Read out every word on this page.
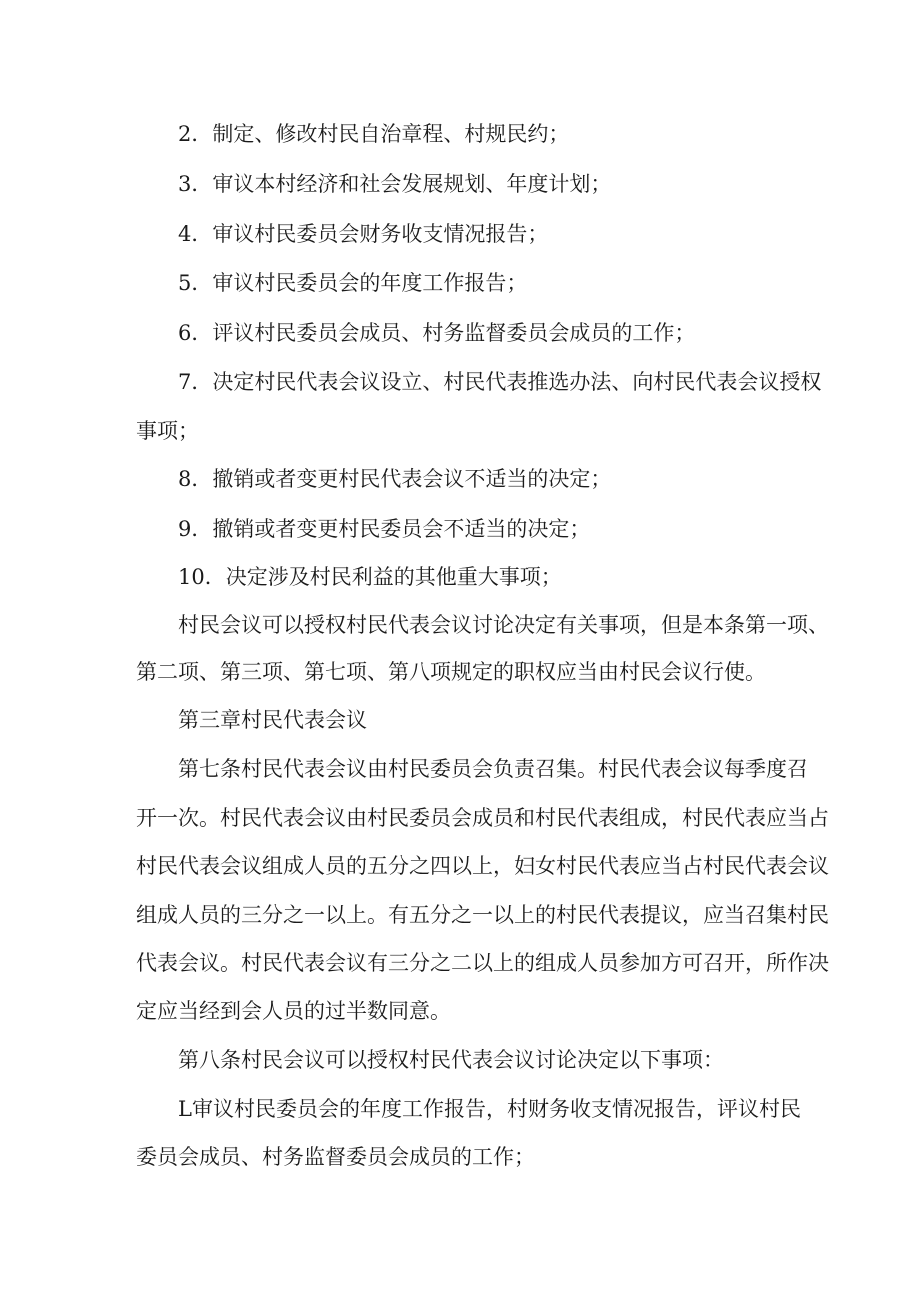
2．制定、修改村民自治章程、村规民约；
3．审议本村经济和社会发展规划、年度计划；
4．审议村民委员会财务收支情况报告；
5．审议村民委员会的年度工作报告；
6．评议村民委员会成员、村务监督委员会成员的工作；
7．决定村民代表会议设立、村民代表推选办法、向村民代表会议授权
事项；
8．撤销或者变更村民代表会议不适当的决定；
9．撤销或者变更村民委员会不适当的决定；
10．决定涉及村民利益的其他重大事项；
村民会议可以授权村民代表会议讨论决定有关事项，但是本条第一项、
第二项、第三项、第七项、第八项规定的职权应当由村民会议行使。
第三章村民代表会议
第七条村民代表会议由村民委员会负责召集。村民代表会议每季度召
开一次。村民代表会议由村民委员会成员和村民代表组成，村民代表应当占
村民代表会议组成人员的五分之四以上，妇女村民代表应当占村民代表会议
组成人员的三分之一以上。有五分之一以上的村民代表提议，应当召集村民
代表会议。村民代表会议有三分之二以上的组成人员参加方可召开，所作决
定应当经到会人员的过半数同意。
第八条村民会议可以授权村民代表会议讨论决定以下事项：
L审议村民委员会的年度工作报告，村财务收支情况报告，评议村民
委员会成员、村务监督委员会成员的工作；
